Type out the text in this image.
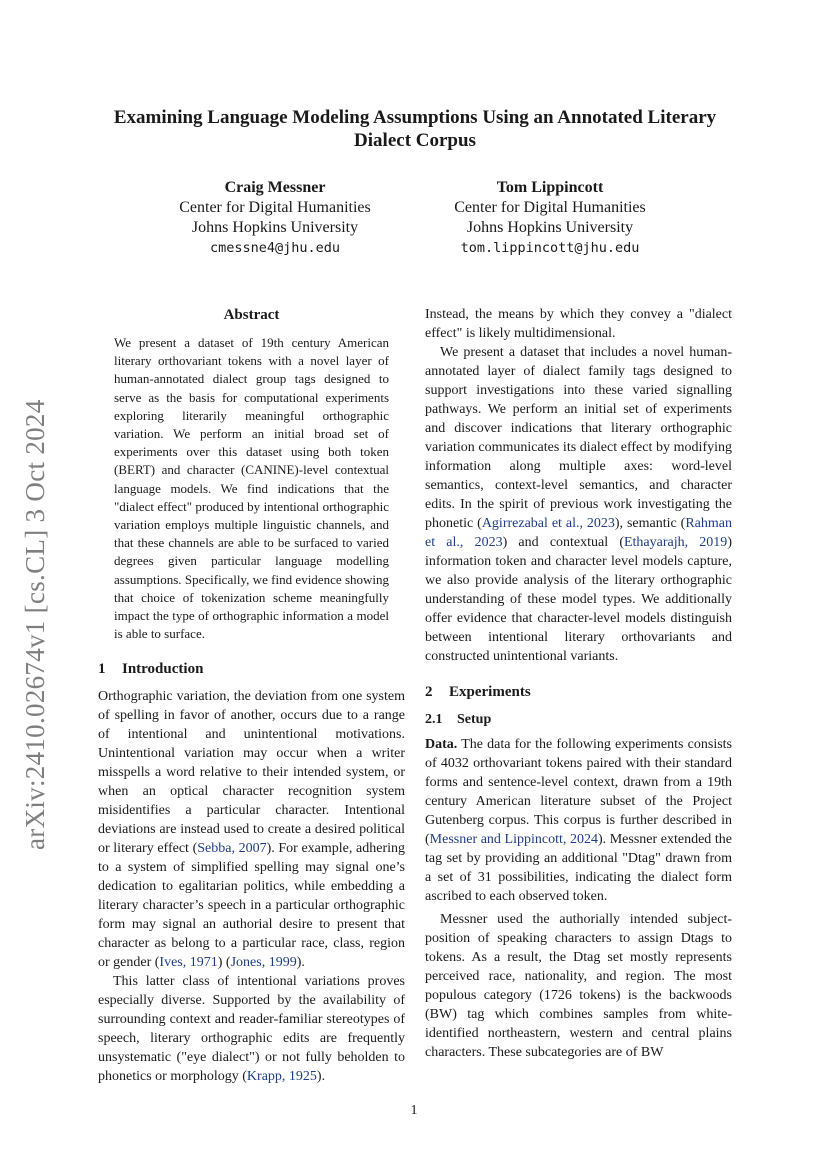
Examining Language Modeling Assumptions Using an Annotated Literary
Dialect Corpus
Craig Messner
Center for Digital Humanities
Johns Hopkins University
cmessne4@jhu.edu
Tom Lippincott
Center for Digital Humanities
Johns Hopkins University
tom.lippincott@jhu.edu
arXiv:2410.02674v1 [cs.CL] 3 Oct 2024
Abstract

We present a dataset of 19th century American literary orthovariant tokens with a novel layer of human-annotated dialect group tags designed to serve as the basis for computational experiments exploring literarily meaningful orthographic variation. We perform an initial broad set of experiments over this dataset using both token (BERT) and character (CANINE)-level contextual language models. We find indications that the "dialect effect" produced by intentional orthographic variation employs multiple linguistic channels, and that these channels are able to be surfaced to varied degrees given particular language modelling assumptions. Specifically, we find evidence showing that choice of tokenization scheme meaningfully impact the type of orthographic information a model is able to surface.

1 Introduction

Orthographic variation, the deviation from one system of spelling in favor of another, occurs due to a range of intentional and unintentional motivations. Unintentional variation may occur when a writer misspells a word relative to their intended system, or when an optical character recognition system misidentifies a particular character. Intentional deviations are instead used to create a desired political or literary effect (Sebba, 2007). For example, adhering to a system of simplified spelling may signal one’s dedication to egalitarian politics, while embedding a literary character’s speech in a particular orthographic form may signal an authorial desire to present that character as belong to a particular race, class, region or gender (Ives, 1971) (Jones, 1999).

This latter class of intentional variations proves especially diverse. Supported by the availability of surrounding context and reader-familiar stereotypes of speech, literary orthographic edits are frequently unsystematic ("eye dialect") or not fully beholden to phonetics or morphology (Krapp, 1925).

Instead, the means by which they convey a "dialect effect" is likely multidimensional.

We present a dataset that includes a novel human-annotated layer of dialect family tags designed to support investigations into these varied signalling pathways. We perform an initial set of experiments and discover indications that literary orthographic variation communicates its dialect effect by modifying information along multiple axes: word-level semantics, context-level semantics, and character edits. In the spirit of previous work investigating the phonetic (Agirrezabal et al., 2023), semantic (Rahman et al., 2023) and contextual (Ethayarajh, 2019) information token and character level models capture, we also provide analysis of the literary orthographic understanding of these model types. We additionally offer evidence that character-level models distinguish between intentional literary orthovariants and constructed unintentional variants.

2 Experiments
2.1 Setup

Data. The data for the following experiments consists of 4032 orthovariant tokens paired with their standard forms and sentence-level context, drawn from a 19th century American literature subset of the Project Gutenberg corpus. This corpus is further described in (Messner and Lippincott, 2024). Messner extended the tag set by providing an additional "Dtag" drawn from a set of 31 possibilities, indicating the dialect form ascribed to each observed token.

Messner used the authorially intended subject-position of speaking characters to assign Dtags to tokens. As a result, the Dtag set mostly represents perceived race, nationality, and region. The most populous category (1726 tokens) is the backwoods (BW) tag which combines samples from white-identified northeastern, western and central plains characters. These subcategories are of BW

1
